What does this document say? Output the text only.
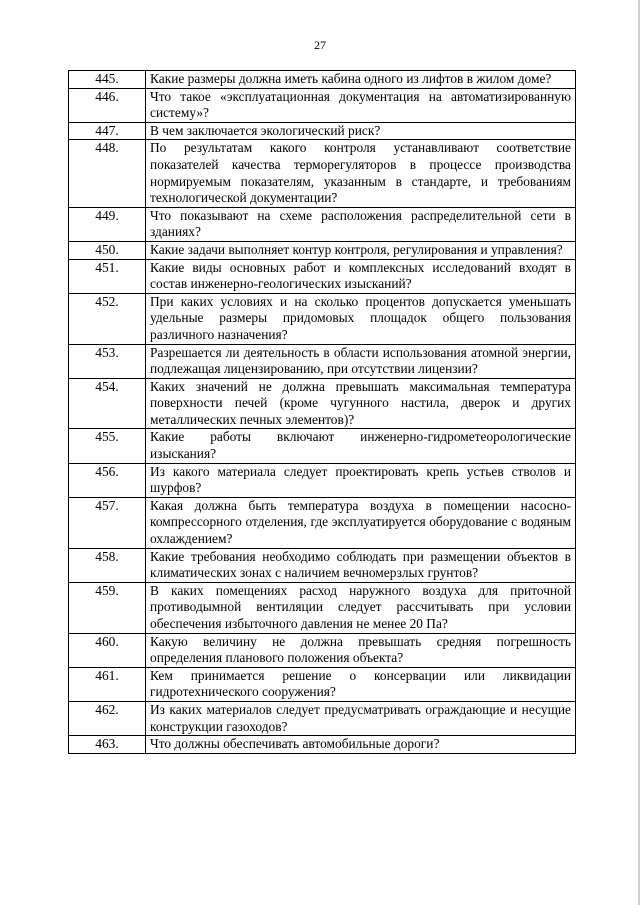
27
445.	Какие размеры должна иметь кабина одного из лифтов в жилом доме?
446.	Что такое «эксплуатационная документация на автоматизированную систему»?
447.	В чем заключается экологический риск?
448.	По результатам какого контроля устанавливают соответствие показателей качества терморегуляторов в процессе производства нормируемым показателям, указанным в стандарте, и требованиям технологической документации?
449.	Что показывают на схеме расположения распределительной сети в зданиях?
450.	Какие задачи выполняет контур контроля, регулирования и управления?
451.	Какие виды основных работ и комплексных исследований входят в состав инженерно-геологических изысканий?
452.	При каких условиях и на сколько процентов допускается уменьшать удельные размеры придомовых площадок общего пользования различного назначения?
453.	Разрешается ли деятельность в области использования атомной энергии, подлежащая лицензированию, при отсутствии лицензии?
454.	Каких значений не должна превышать максимальная температура поверхности печей (кроме чугунного настила, дверок и других металлических печных элементов)?
455.	Какие работы включают инженерно-гидрометеорологические изыскания?
456.	Из какого материала следует проектировать крепь устьев стволов и шурфов?
457.	Какая должна быть температура воздуха в помещении насосно-компрессорного отделения, где эксплуатируется оборудование с водяным охлаждением?
458.	Какие требования необходимо соблюдать при размещении объектов в климатических зонах с наличием вечномерзлых грунтов?
459.	В каких помещениях расход наружного воздуха для приточной противодымной вентиляции следует рассчитывать при условии обеспечения избыточного давления не менее 20 Па?
460.	Какую величину не должна превышать средняя погрешность определения планового положения объекта?
461.	Кем принимается решение о консервации или ликвидации гидротехнического сооружения?
462.	Из каких материалов следует предусматривать ограждающие и несущие конструкции газоходов?
463.	Что должны обеспечивать автомобильные дороги?
